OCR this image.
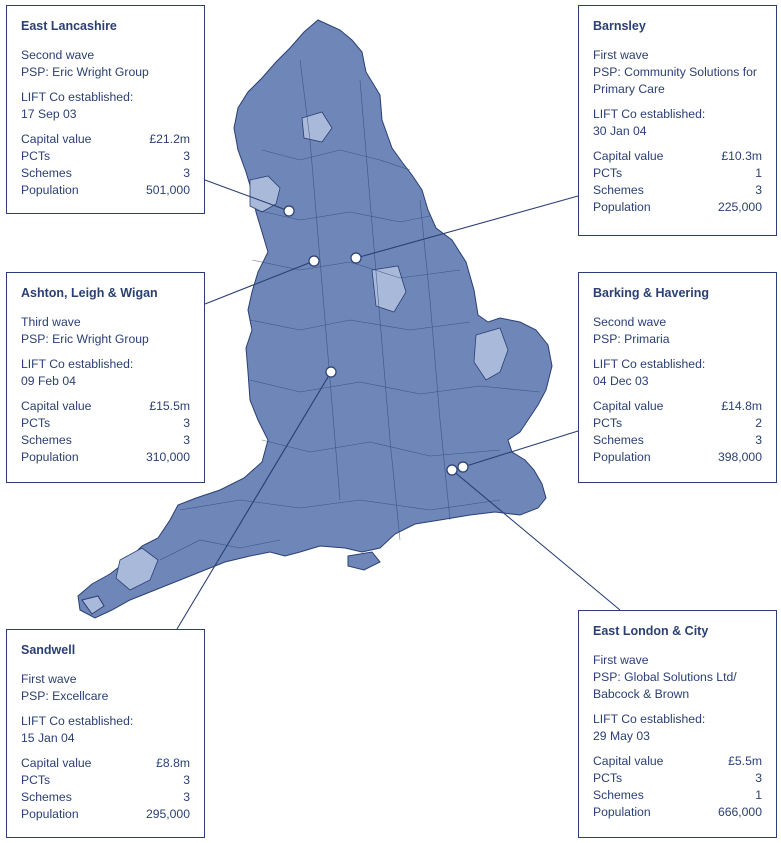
East Lancashire
Second wave
PSP: Eric Wright Group
LIFT Co established:
17 Sep 03
Capital value	£21.2m
PCTs	3
Schemes	3
Population	501,000
Barnsley
First wave
PSP: Community Solutions for Primary Care
LIFT Co established:
30 Jan 04
Capital value	£10.3m
PCTs	1
Schemes	3
Population	225,000
Ashton, Leigh & Wigan
Third wave
PSP: Eric Wright Group
LIFT Co established:
09 Feb 04
Capital value	£15.5m
PCTs	3
Schemes	3
Population	310,000
Barking & Havering
Second wave
PSP: Primaria
LIFT Co established:
04 Dec 03
Capital value	£14.8m
PCTs	2
Schemes	3
Population	398,000
Sandwell
First wave
PSP: Excellcare
LIFT Co established:
15 Jan 04
Capital value	£8.8m
PCTs	3
Schemes	3
Population	295,000
East London & City
First wave
PSP: Global Solutions Ltd/ Babcock & Brown
LIFT Co established:
29 May 03
Capital value	£5.5m
PCTs	3
Schemes	1
Population	666,000
